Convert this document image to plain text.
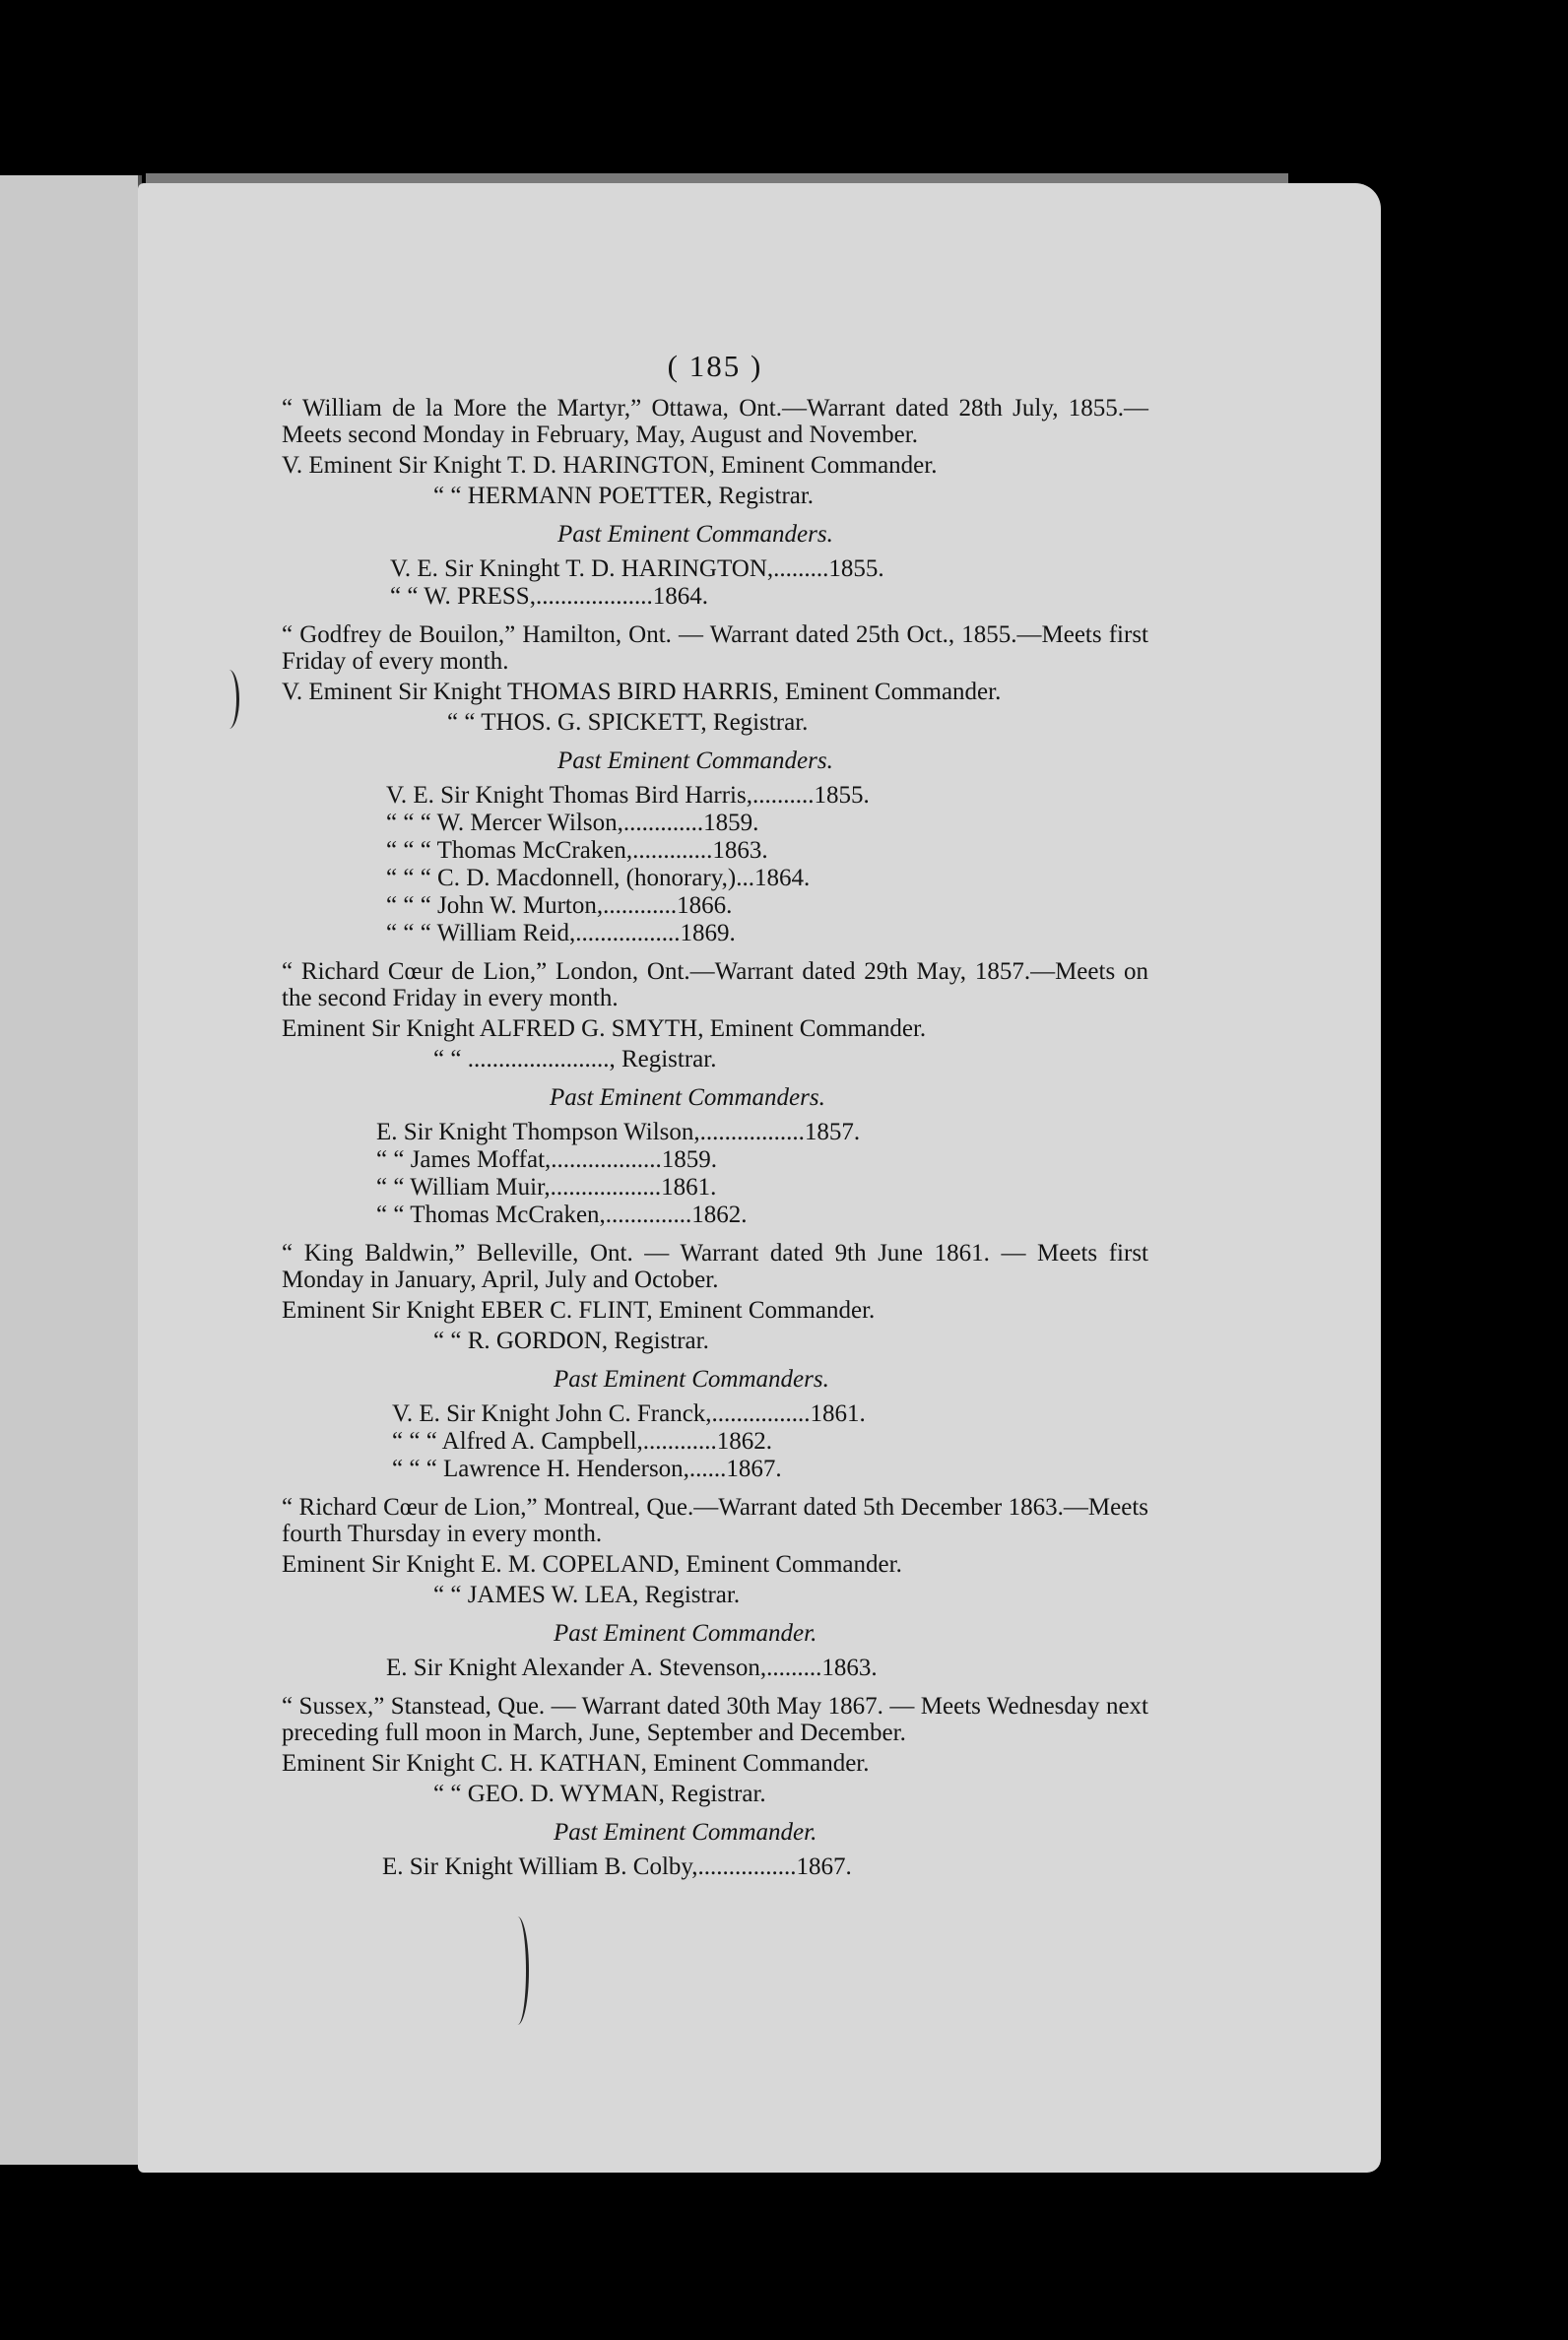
( 185 )
“ William de la More the Martyr,” Ottawa, Ont.—Warrant dated 28th July, 1855.—Meets second Monday in February, May, August and November.
V. Eminent Sir Knight T. D. HARINGTON, Eminent Commander.
“ “ HERMANN POETTER, Registrar.
Past Eminent Commanders.
V. E. Sir Kninght T. D. HARINGTON,.........1855.
“ “ W. PRESS,...................1864.
“ Godfrey de Bouilon,” Hamilton, Ont. — Warrant dated 25th Oct., 1855.—Meets first Friday of every month.
V. Eminent Sir Knight THOMAS BIRD HARRIS, Eminent Commander.
“ “ THOS. G. SPICKETT, Registrar.
Past Eminent Commanders.
V. E. Sir Knight Thomas Bird Harris,..........1855.
“ “ “ W. Mercer Wilson,.............1859.
“ “ “ Thomas McCraken,.............1863.
“ “ “ C. D. Macdonnell, (honorary,)...1864.
“ “ “ John W. Murton,............1866.
“ “ “ William Reid,.................1869.
“ Richard Cœur de Lion,” London, Ont.—Warrant dated 29th May, 1857.—Meets on the second Friday in every month.
Eminent Sir Knight ALFRED G. SMYTH, Eminent Commander.
“ “ ......................., Registrar.
Past Eminent Commanders.
E. Sir Knight Thompson Wilson,.................1857.
“ “ James Moffat,..................1859.
“ “ William Muir,..................1861.
“ “ Thomas McCraken,..............1862.
“ King Baldwin,” Belleville, Ont. — Warrant dated 9th June 1861. — Meets first Monday in January, April, July and October.
Eminent Sir Knight EBER C. FLINT, Eminent Commander.
“ “ R. GORDON, Registrar.
Past Eminent Commanders.
V. E. Sir Knight John C. Franck,................1861.
“ “ “ Alfred A. Campbell,............1862.
“ “ “ Lawrence H. Henderson,......1867.
“ Richard Cœur de Lion,” Montreal, Que.—Warrant dated 5th December 1863.—Meets fourth Thursday in every month.
Eminent Sir Knight E. M. COPELAND, Eminent Commander.
“ “ JAMES W. LEA, Registrar.
Past Eminent Commander.
E. Sir Knight Alexander A. Stevenson,.........1863.
“ Sussex,” Stanstead, Que. — Warrant dated 30th May 1867. — Meets Wednesday next preceding full moon in March, June, September and December.
Eminent Sir Knight C. H. KATHAN, Eminent Commander.
“ “ GEO. D. WYMAN, Registrar.
Past Eminent Commander.
E. Sir Knight William B. Colby,................1867.
